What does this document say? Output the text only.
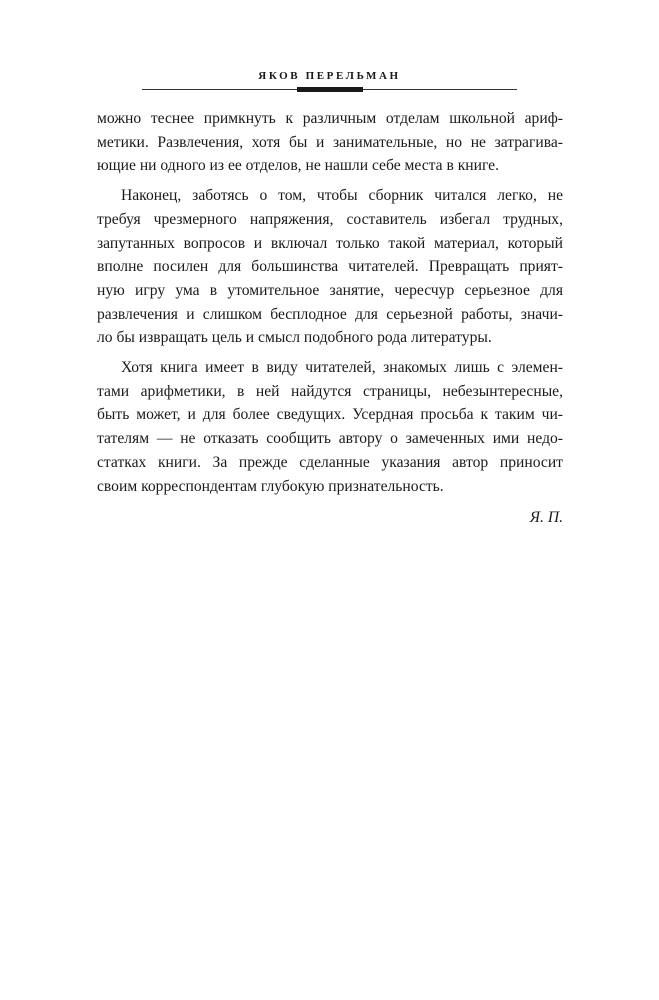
ЯКОВ ПЕРЕЛЬМАН
можно теснее примкнуть к различным отделам школьной ариф-
метики. Развлечения, хотя бы и занимательные, но не затрагива-
ющие ни одного из ее отделов, не нашли себе места в книге.
Наконец, заботясь о том, чтобы сборник читался легко, не
требуя чрезмерного напряжения, составитель избегал трудных,
запутанных вопросов и включал только такой материал, который
вполне посилен для большинства читателей. Превращать прият-
ную игру ума в утомительное занятие, чересчур серьезное для
развлечения и слишком бесплодное для серьезной работы, значи-
ло бы извращать цель и смысл подобного рода литературы.
Хотя книга имеет в виду читателей, знакомых лишь с элемен-
тами арифметики, в ней найдутся страницы, небезынтересные,
быть может, и для более сведущих. Усердная просьба к таким чи-
тателям — не отказать сообщить автору о замеченных ими недо-
статках книги. За прежде сделанные указания автор приносит
своим корреспондентам глубокую признательность.
Я. П.
